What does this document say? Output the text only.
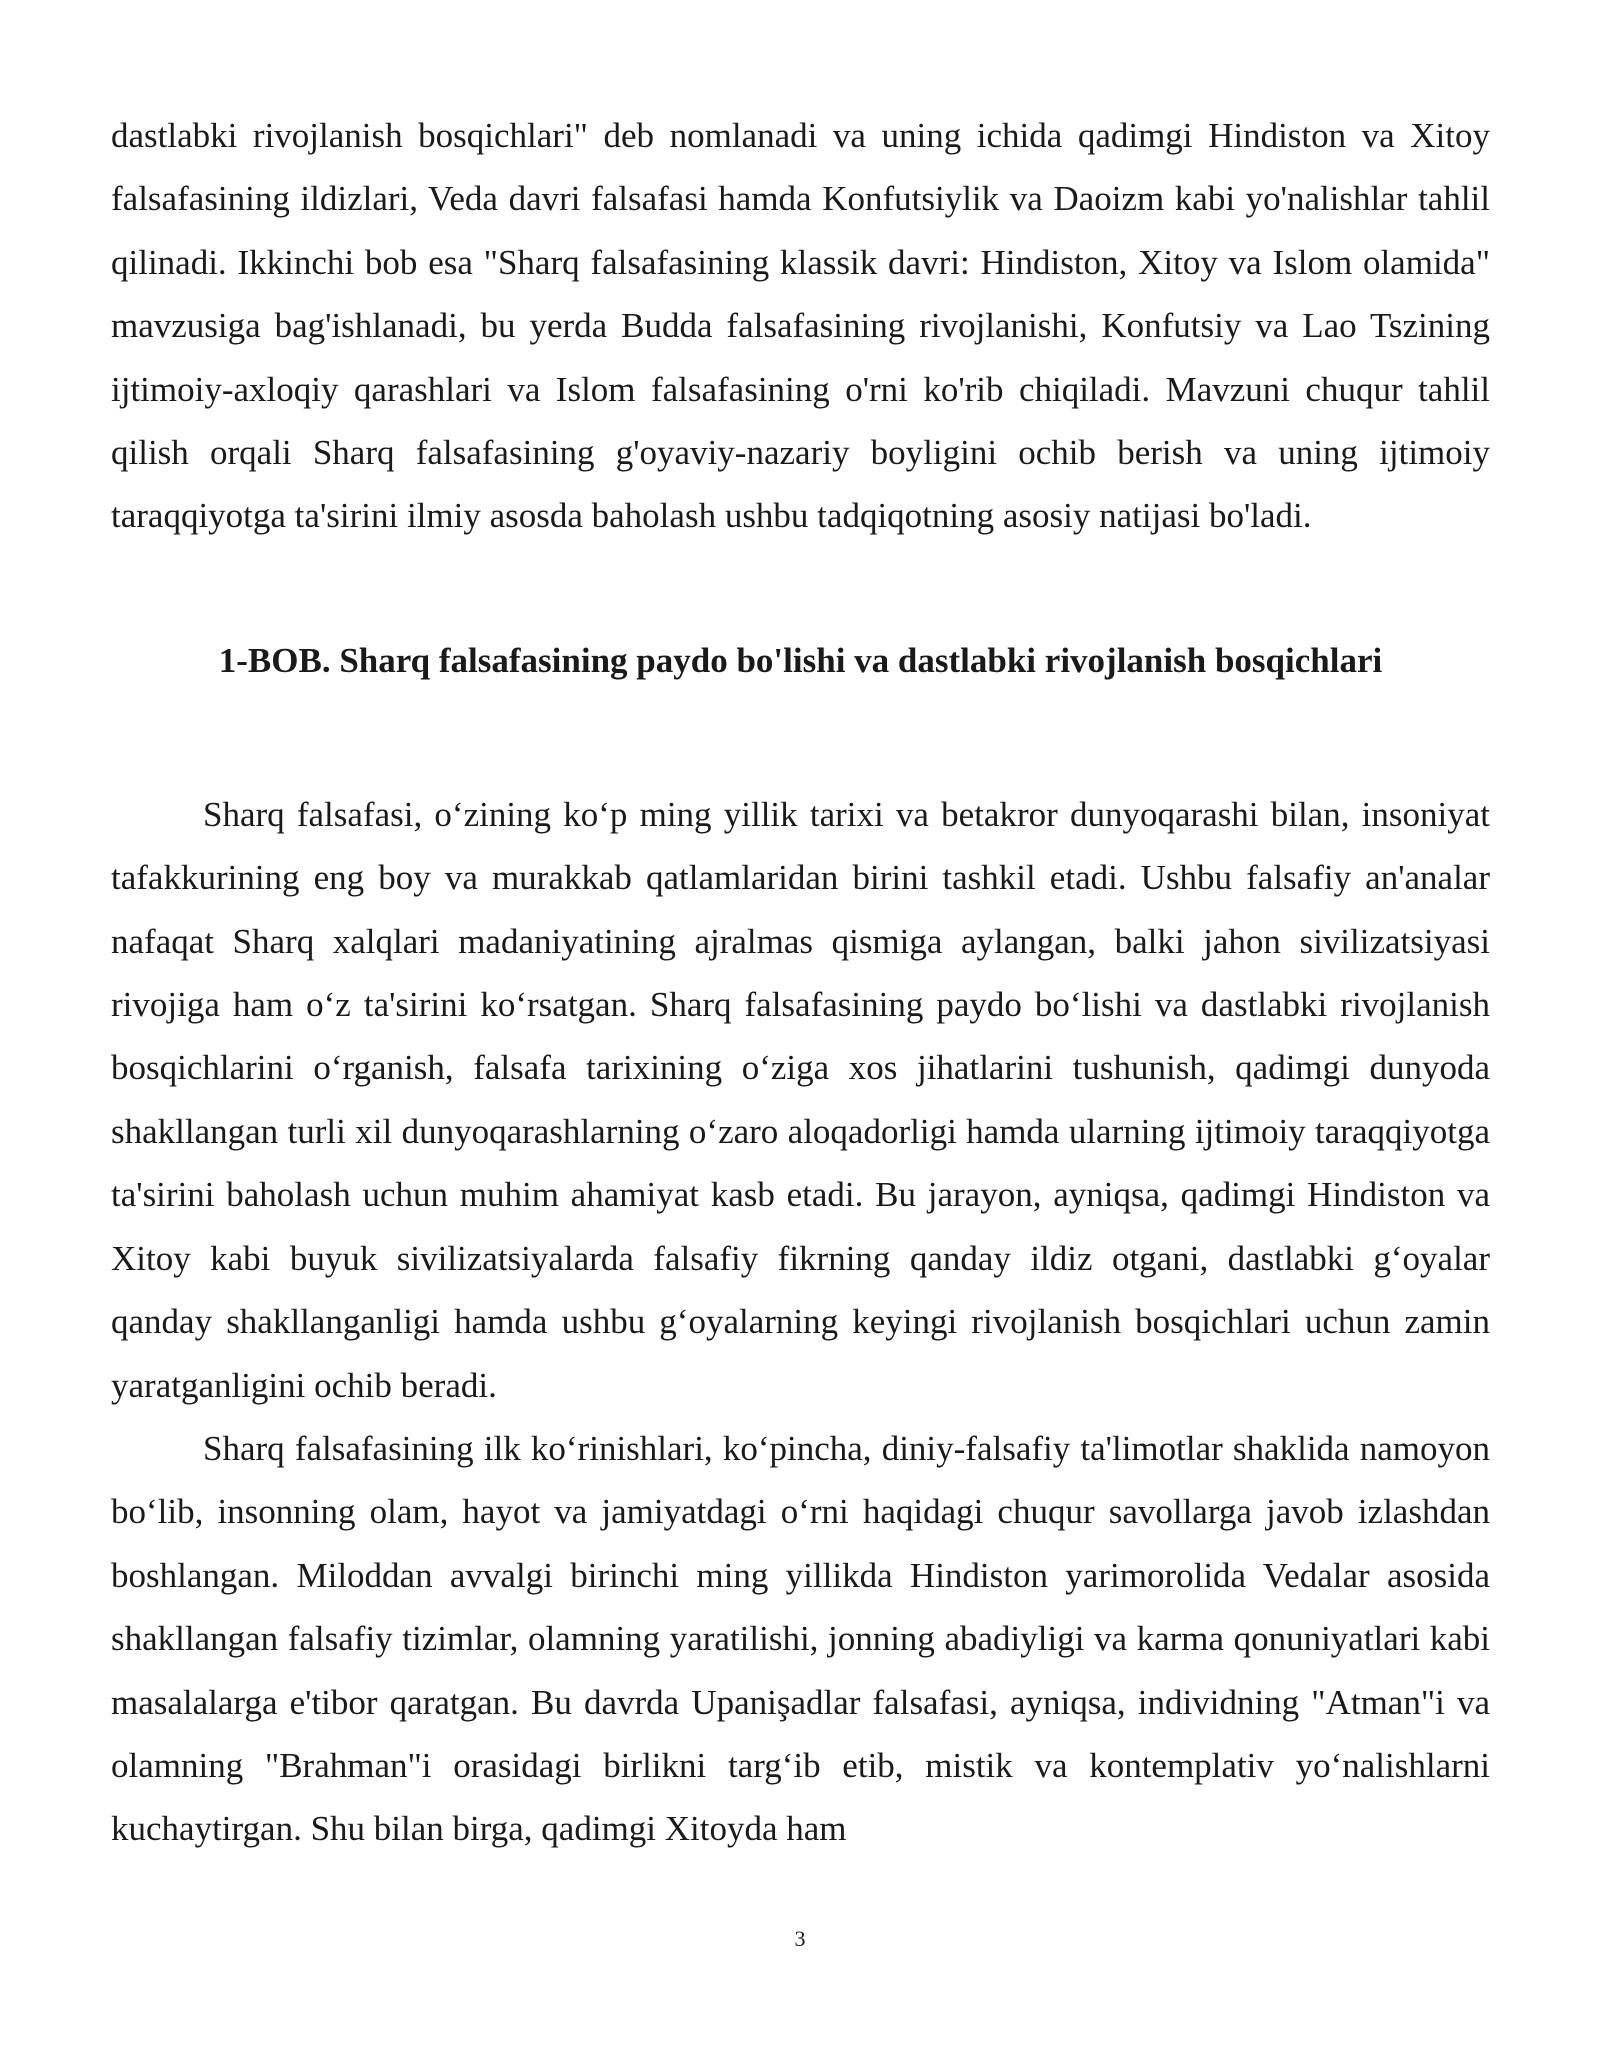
dastlabki rivojlanish bosqichlari" deb nomlanadi va uning ichida qadimgi Hindiston va Xitoy falsafasining ildizlari, Veda davri falsafasi hamda Konfutsiylik va Daoizm kabi yo'nalishlar tahlil qilinadi. Ikkinchi bob esa "Sharq falsafasining klassik davri: Hindiston, Xitoy va Islom olamida" mavzusiga bag'ishlanadi, bu yerda Budda falsafasining rivojlanishi, Konfutsiy va Lao Tszining ijtimoiy-axloqiy qarashlari va Islom falsafasining o'rni ko'rib chiqiladi. Mavzuni chuqur tahlil qilish orqali Sharq falsafasining g'oyaviy-nazariy boyligini ochib berish va uning ijtimoiy taraqqiyotga ta'sirini ilmiy asosda baholash ushbu tadqiqotning asosiy natijasi bo'ladi.

1-BOB. Sharq falsafasining paydo bo'lishi va dastlabki rivojlanish bosqichlari

Sharq falsafasi, o‘zining ko‘p ming yillik tarixi va betakror dunyoqarashi bilan, insoniyat tafakkurining eng boy va murakkab qatlamlaridan birini tashkil etadi. Ushbu falsafiy an'analar nafaqat Sharq xalqlari madaniyatining ajralmas qismiga aylangan, balki jahon sivilizatsiyasi rivojiga ham o‘z ta'sirini ko‘rsatgan. Sharq falsafasining paydo bo‘lishi va dastlabki rivojlanish bosqichlarini o‘rganish, falsafa tarixining o‘ziga xos jihatlarini tushunish, qadimgi dunyoda shakllangan turli xil dunyoqarashlarning o‘zaro aloqadorligi hamda ularning ijtimoiy taraqqiyotga ta'sirini baholash uchun muhim ahamiyat kasb etadi. Bu jarayon, ayniqsa, qadimgi Hindiston va Xitoy kabi buyuk sivilizatsiyalarda falsafiy fikrning qanday ildiz otgani, dastlabki g‘oyalar qanday shakllanganligi hamda ushbu g‘oyalarning keyingi rivojlanish bosqichlari uchun zamin yaratganligini ochib beradi.

Sharq falsafasining ilk ko‘rinishlari, ko‘pincha, diniy-falsafiy ta'limotlar shaklida namoyon bo‘lib, insonning olam, hayot va jamiyatdagi o‘rni haqidagi chuqur savollarga javob izlashdan boshlangan. Miloddan avvalgi birinchi ming yillikda Hindiston yarimorolida Vedalar asosida shakllangan falsafiy tizimlar, olamning yaratilishi, jonning abadiyligi va karma qonuniyatlari kabi masalalarga e'tibor qaratgan. Bu davrda Upanişadlar falsafasi, ayniqsa, individning "Atman"i va olamning "Brahman"i orasidagi birlikni targ‘ib etib, mistik va kontemplativ yo‘nalishlarni kuchaytirgan. Shu bilan birga, qadimgi Xitoyda ham

3
